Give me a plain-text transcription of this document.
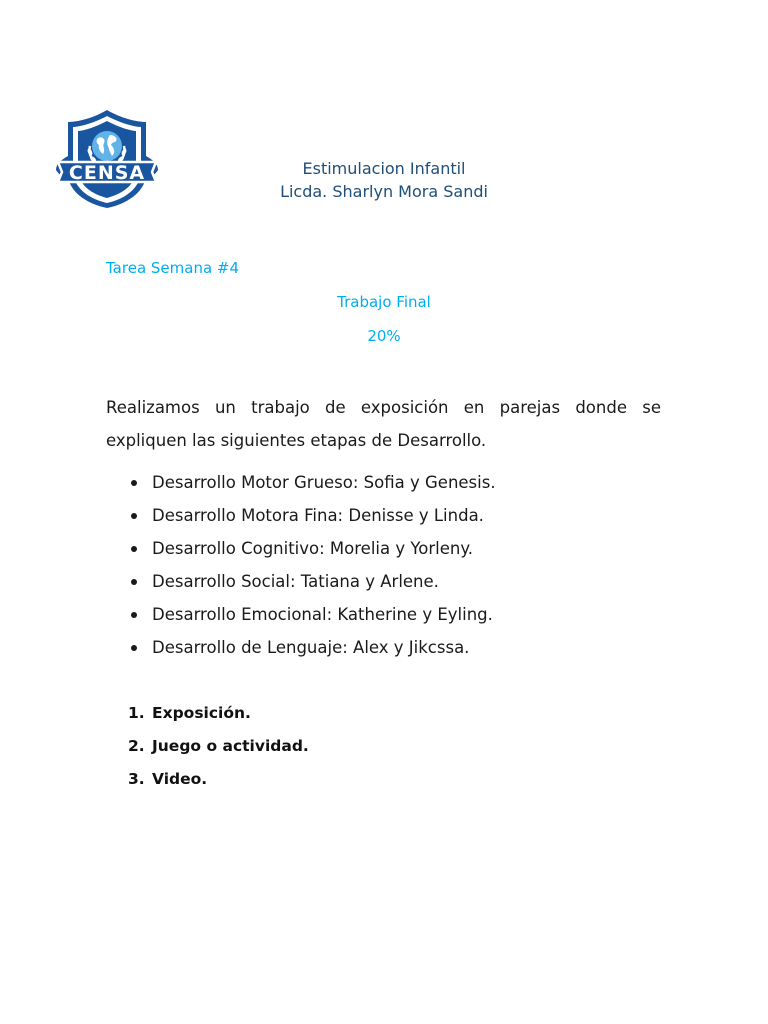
CENSA	Estimulacion Infantil
Licda. Sharlyn Mora Sandi
Tarea Semana #4
Trabajo Final
20%
Realizamos un trabajo de exposición en parejas donde se expliquen las siguientes etapas de Desarrollo.
Desarrollo Motor Grueso: Sofia y Genesis.
Desarrollo Motora Fina: Denisse y Linda.
Desarrollo Cognitivo: Morelia y Yorleny.
Desarrollo Social: Tatiana y Arlene.
Desarrollo Emocional: Katherine y Eyling.
Desarrollo de Lenguaje: Alex y Jikcssa.
1. Exposición.
2. Juego o actividad.
3. Video.
